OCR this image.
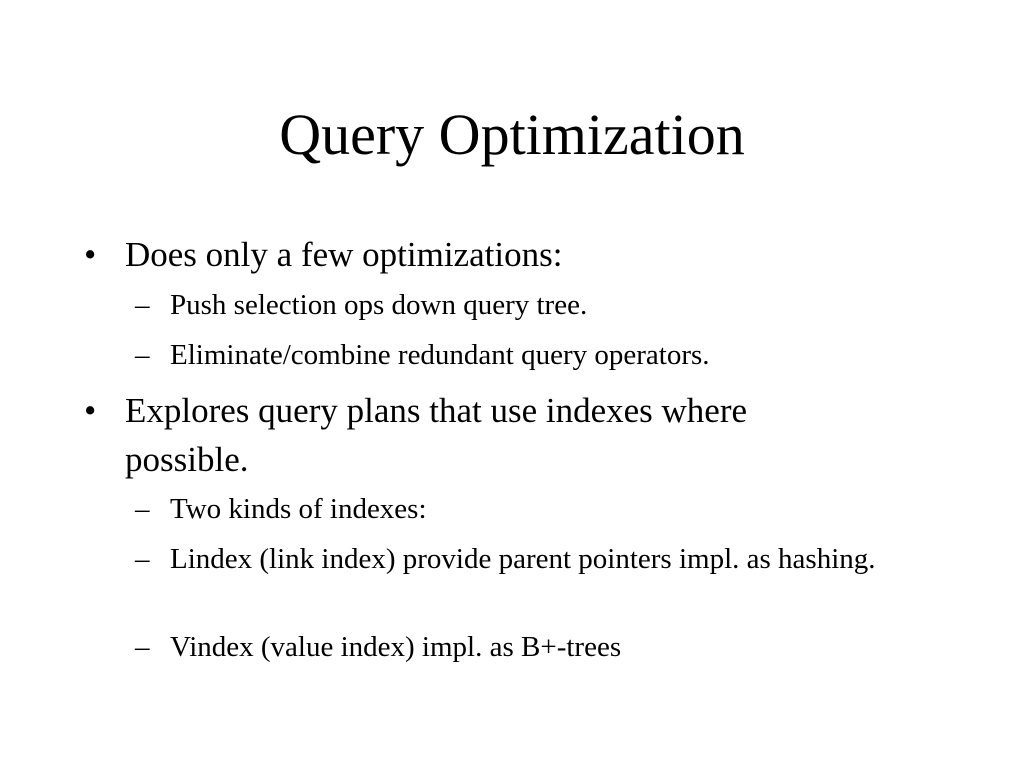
Query Optimization
• Does only a few optimizations:
– Push selection ops down query tree.
– Eliminate/combine redundant query operators.
• Explores query plans that use indexes where possible.
– Two kinds of indexes:
– Lindex (link index) provide parent pointers impl. as hashing.
– Vindex (value index) impl. as B+-trees
